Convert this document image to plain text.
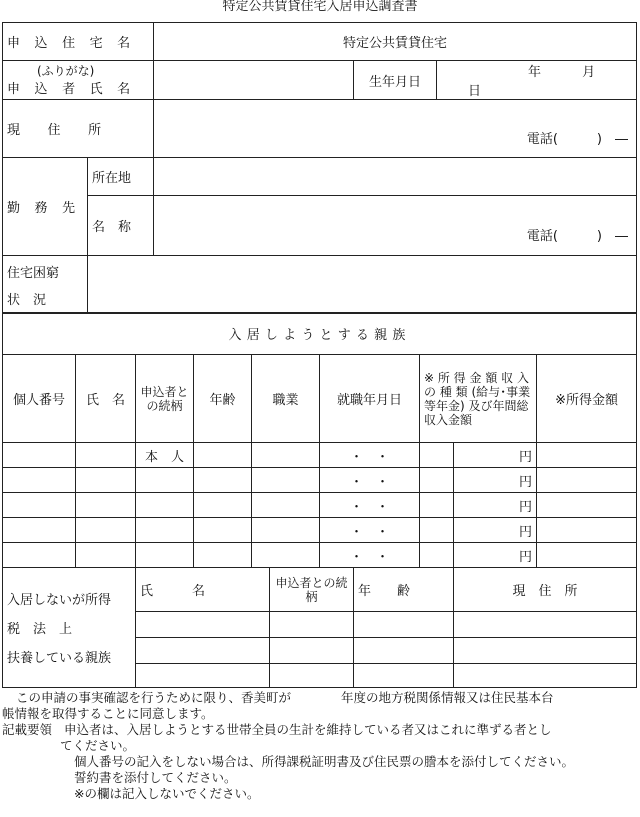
特定公共賃貸住宅入居申込調査書
申 込 住 宅 名		特定公共賃貸住宅		

(ふりがな)
申 込 者 氏 名			生年月日	年 月 日
現 住 所		電話(　　　)　―		

勤 務 先	所在地			
	名　称	電話(　　　)　―		

住宅困窮
状　況				

入居しようとする親族								
個人番号	氏　名	申込者との続柄	年齢	職業	就職年月日	※ 所 得 金 額 収 入 の 種 類 (給与･事業等年金) 及び年間総収入金額		※所得金額
		本　人			・　・		円	
					・　・		円	
					・　・		円	
					・　・		円	
					・　・		円	
入居しないが所得
税　法　上
扶養している親族	氏　　　名	申込者との続柄	年　　齢	現　住　所

この申請の事実確認を行うために限り、香美町が　　　　年度の地方税関係情報又は住民基本台

帳情報を取得することに同意します。

記載要領 申込者は、入居しようとする世帯全員の生計を維持している者又はこれに準ずる者とし

てください。

個人番号の記入をしない場合は、所得課税証明書及び住民票の謄本を添付してください。

誓約書を添付してください。

※の欄は記入しないでください。
